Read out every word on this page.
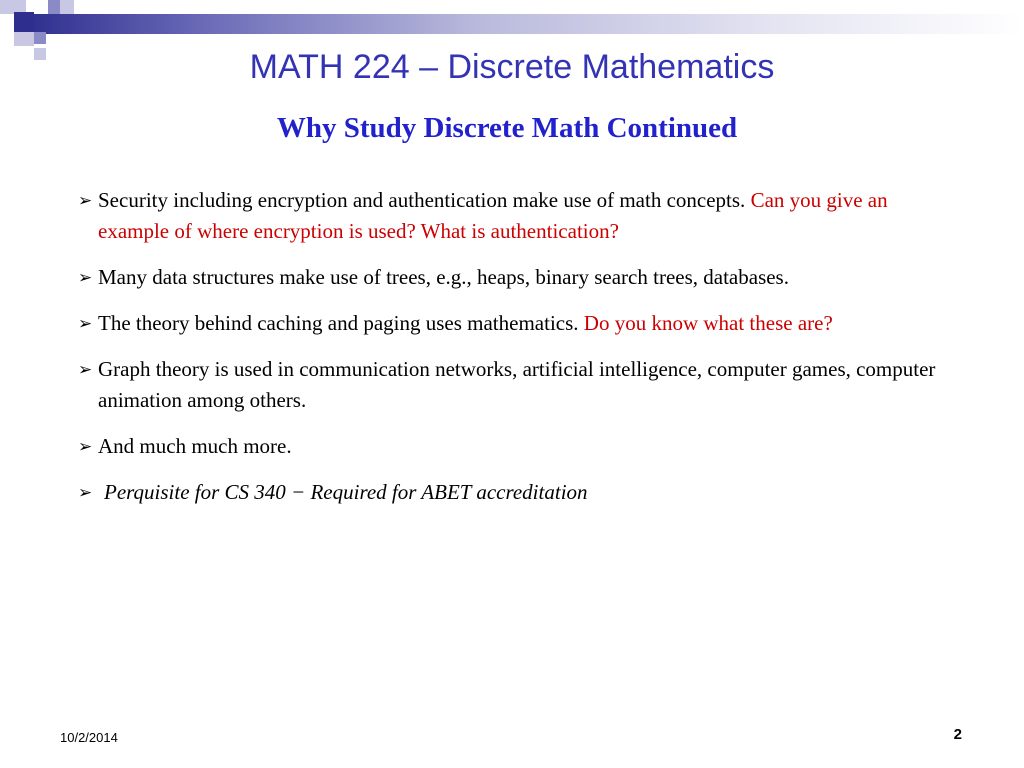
MATH 224 – Discrete Mathematics
Why Study Discrete Math Continued
➢ Security including encryption and authentication make use of math concepts. Can you give an example of where encryption is used? What is authentication?
➢ Many data structures make use of trees, e.g., heaps, binary search trees, databases.
➢ The theory behind caching and paging uses mathematics. Do you know what these are?
➢ Graph theory is used in communication networks, artificial intelligence, computer games, computer animation among others.
➢ And much much more.
➢ Perquisite for CS 340 − Required for ABET accreditation
10/2/2014	2
